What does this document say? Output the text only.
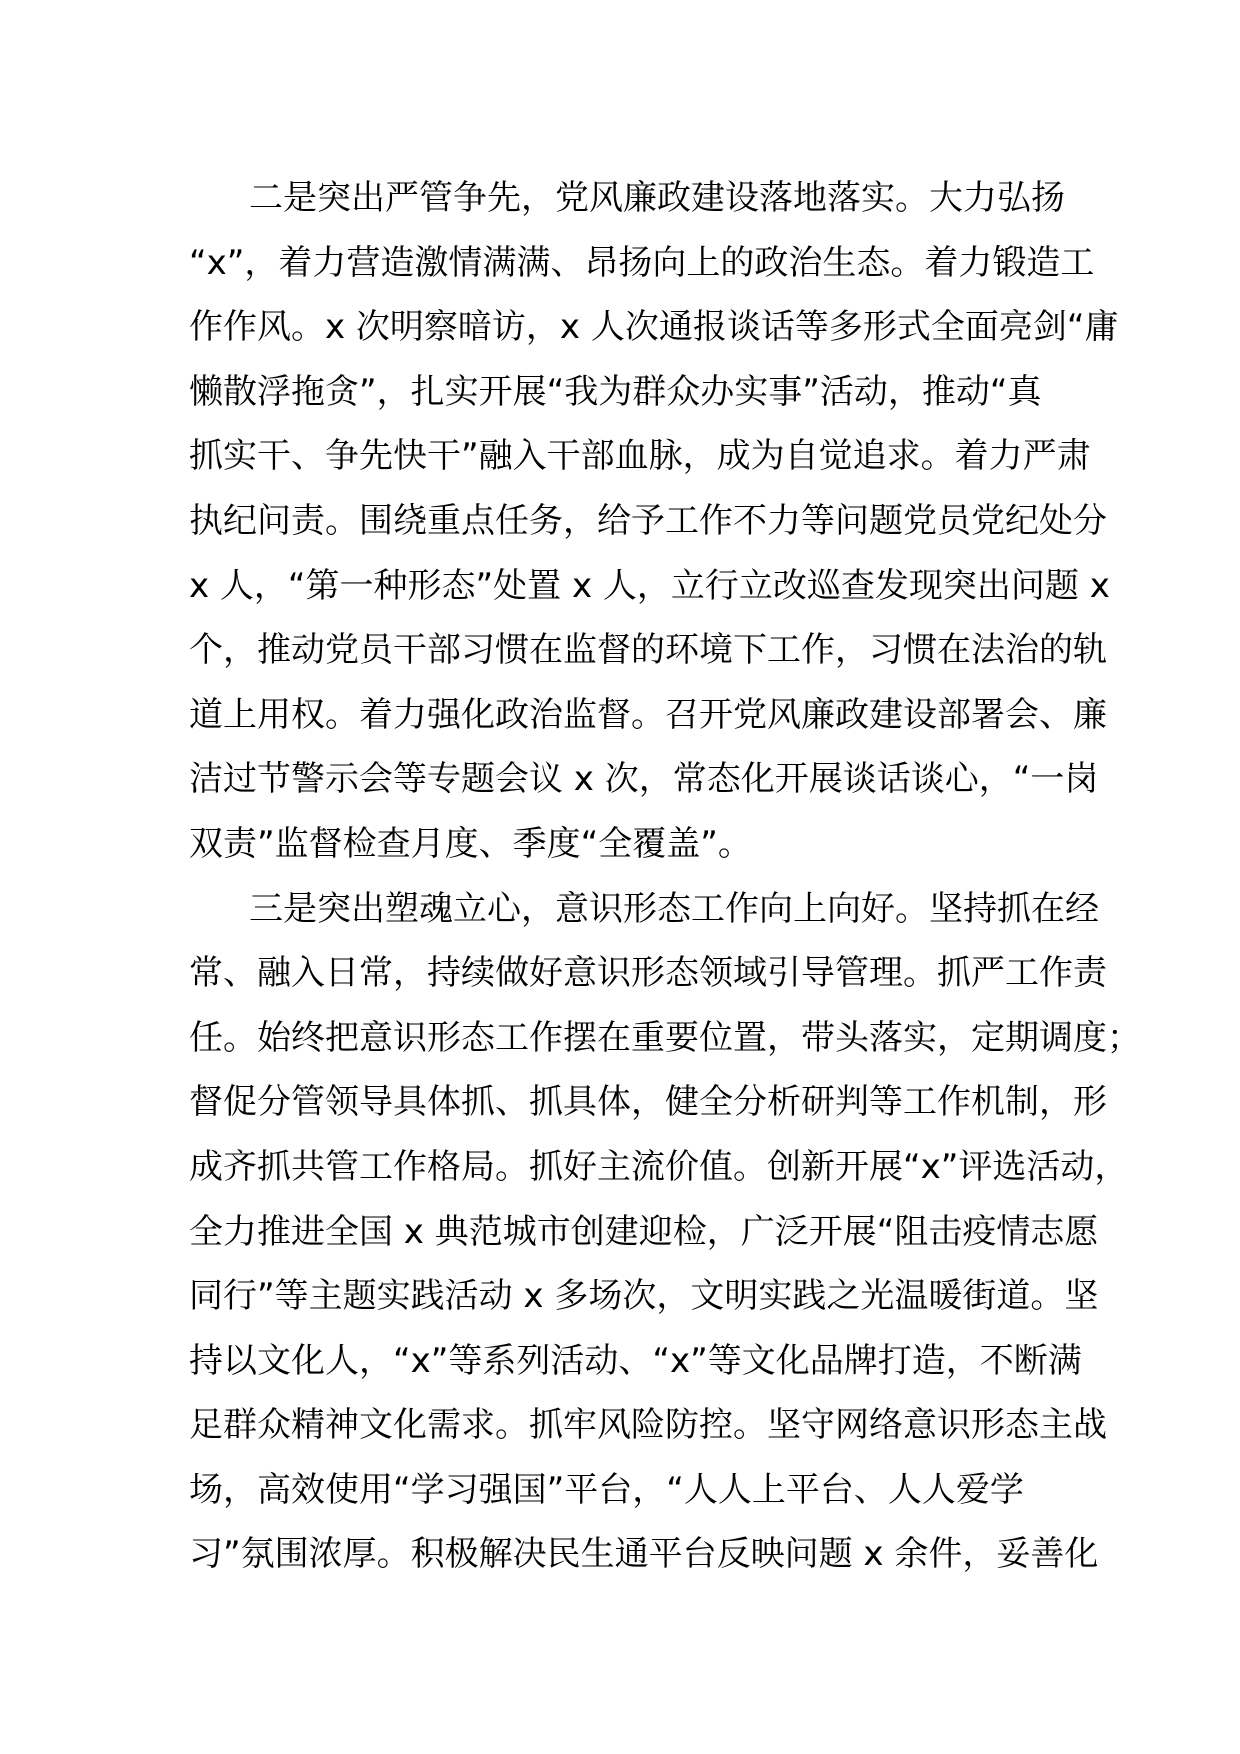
二是突出严管争先，党风廉政建设落地落实。大力弘扬
“x”，着力营造激情满满、昂扬向上的政治生态。着力锻造工
作作风。x 次明察暗访，x 人次通报谈话等多形式全面亮剑“庸
懒散浮拖贪”，扎实开展“我为群众办实事”活动，推动“真
抓实干、争先快干”融入干部血脉，成为自觉追求。着力严肃
执纪问责。围绕重点任务，给予工作不力等问题党员党纪处分
x 人，“第一种形态”处置 x 人，立行立改巡查发现突出问题 x
个，推动党员干部习惯在监督的环境下工作，习惯在法治的轨
道上用权。着力强化政治监督。召开党风廉政建设部署会、廉
洁过节警示会等专题会议 x 次，常态化开展谈话谈心，“一岗
双责”监督检查月度、季度“全覆盖”。
三是突出塑魂立心，意识形态工作向上向好。坚持抓在经
常、融入日常，持续做好意识形态领域引导管理。抓严工作责
任。始终把意识形态工作摆在重要位置，带头落实，定期调度；
督促分管领导具体抓、抓具体，健全分析研判等工作机制，形
成齐抓共管工作格局。抓好主流价值。创新开展“x”评选活动，
全力推进全国 x 典范城市创建迎检，广泛开展“阻击疫情志愿
同行”等主题实践活动 x 多场次，文明实践之光温暖街道。坚
持以文化人，“x”等系列活动、“x”等文化品牌打造，不断满
足群众精神文化需求。抓牢风险防控。坚守网络意识形态主战
场，高效使用“学习强国”平台，“人人上平台、人人爱学
习”氛围浓厚。积极解决民生通平台反映问题 x 余件，妥善化
